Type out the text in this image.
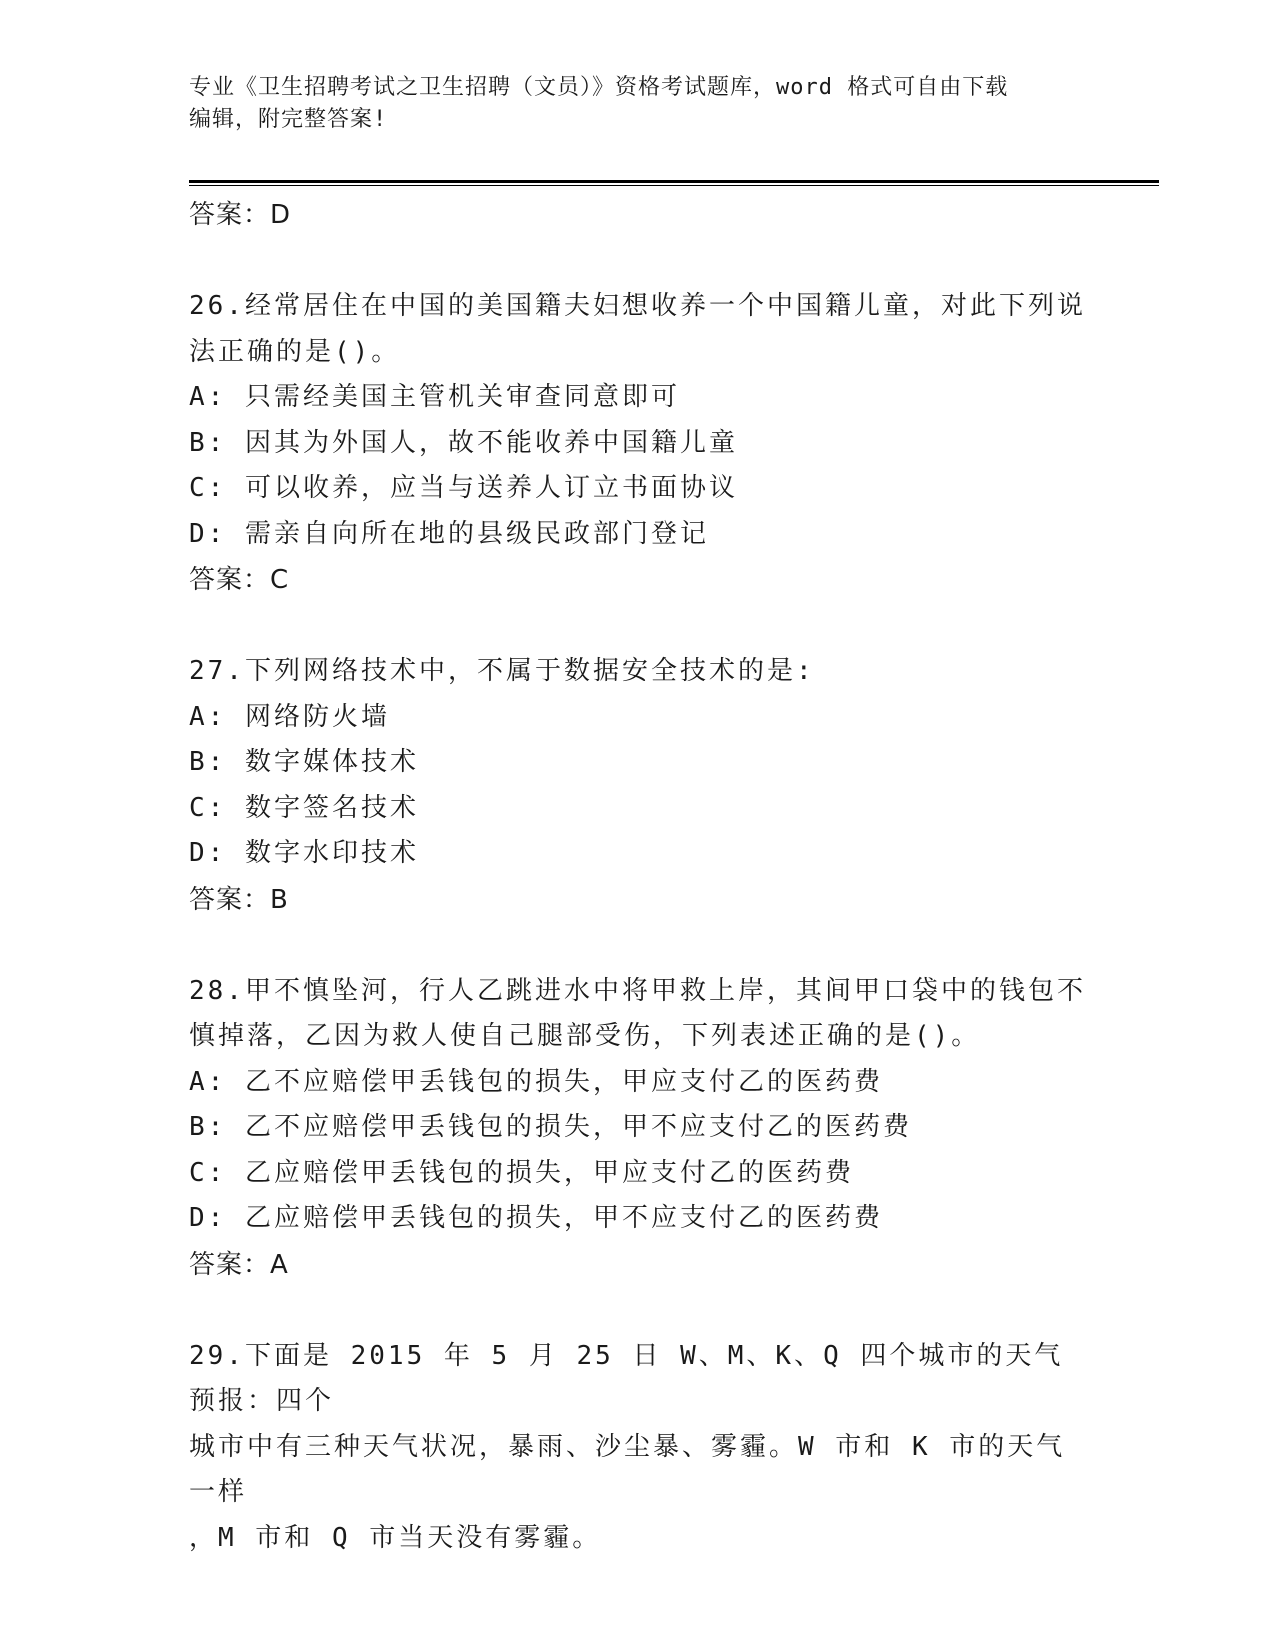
专业《卫生招聘考试之卫生招聘（文员）》资格考试题库，word 格式可自由下载
编辑，附完整答案!
答案：D
26.经常居住在中国的美国籍夫妇想收养一个中国籍儿童，对此下列说
法正确的是()。
A: 只需经美国主管机关审查同意即可
B: 因其为外国人，故不能收养中国籍儿童
C: 可以收养，应当与送养人订立书面协议
D: 需亲自向所在地的县级民政部门登记
答案：C
27.下列网络技术中，不属于数据安全技术的是:
A: 网络防火墙
B: 数字媒体技术
C: 数字签名技术
D: 数字水印技术
答案：B
28.甲不慎坠河，行人乙跳进水中将甲救上岸，其间甲口袋中的钱包不
慎掉落，乙因为救人使自己腿部受伤，下列表述正确的是()。
A: 乙不应赔偿甲丢钱包的损失，甲应支付乙的医药费
B: 乙不应赔偿甲丢钱包的损失，甲不应支付乙的医药费
C: 乙应赔偿甲丢钱包的损失，甲应支付乙的医药费
D: 乙应赔偿甲丢钱包的损失，甲不应支付乙的医药费
答案：A
29.下面是 2015 年 5 月 25 日 W、M、K、Q 四个城市的天气预报：四个
城市中有三种天气状况，暴雨、沙尘暴、雾霾。W 市和 K 市的天气一样
，M 市和 Q 市当天没有雾霾。
